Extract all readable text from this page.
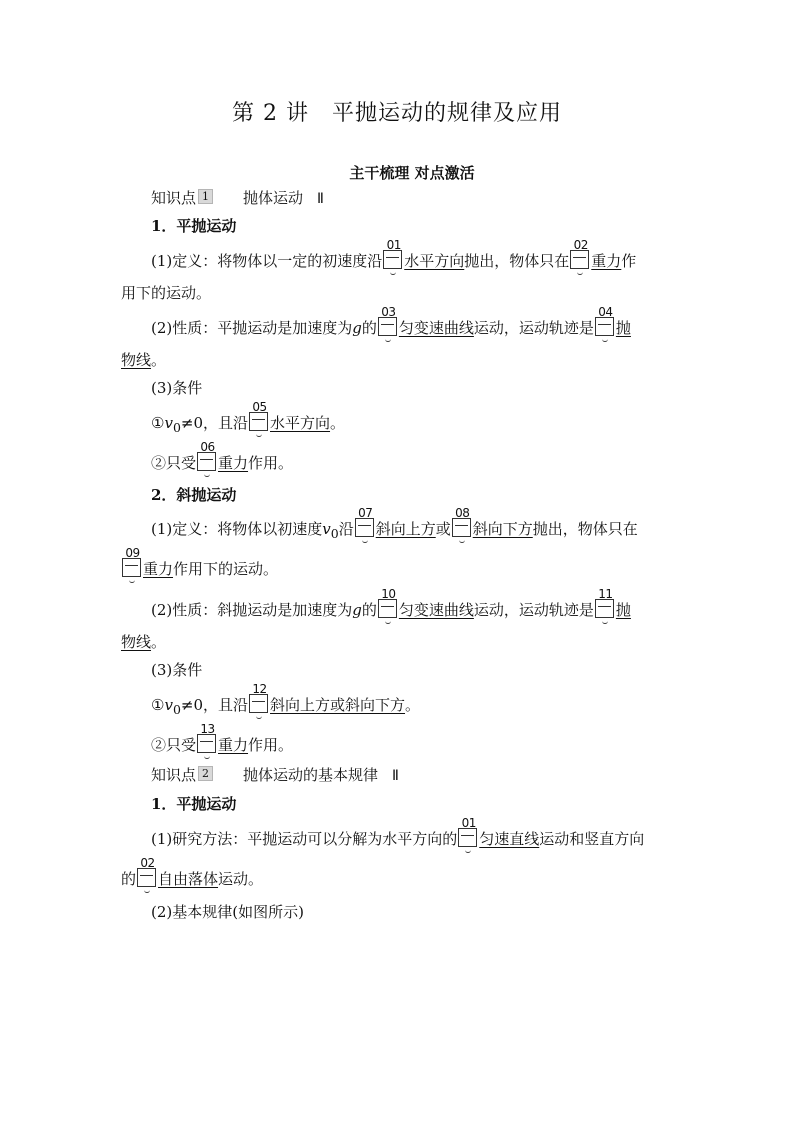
第 2 讲　平抛运动的规律及应用
主干梳理 对点激活
知识点 1 抛体运动 Ⅱ
1．平抛运动
(1)定义：将物体以一定的初速度沿
01
水平方向抛出，物体只在
02
重力作
用下的运动。
(2)性质：平抛运动是加速度为g的
03
匀变速曲线运动，运动轨迹是
04
抛
物线。
(3)条件
$①v_0\ne 0$，且沿
05
水平方向。
②只受
06
重力作用。
2．斜抛运动
(1)定义：将物体以初速度$v_0$沿
07
斜向上方或
08
斜向下方抛出，物体只在
09
重力作用下的运动。
(2)性质：斜抛运动是加速度为g的
10
匀变速曲线运动，运动轨迹是
11
抛
物线。
(3)条件
$①v_0\ne 0$，且沿
12
斜向上方或斜向下方。
②只受
13
重力作用。
知识点 2 抛体运动的基本规律 Ⅱ
1．平抛运动
(1)研究方法：平抛运动可以分解为水平方向的
01
匀速直线运动和竖直方向
的
02
自由落体运动。
(2)基本规律(如图所示)
